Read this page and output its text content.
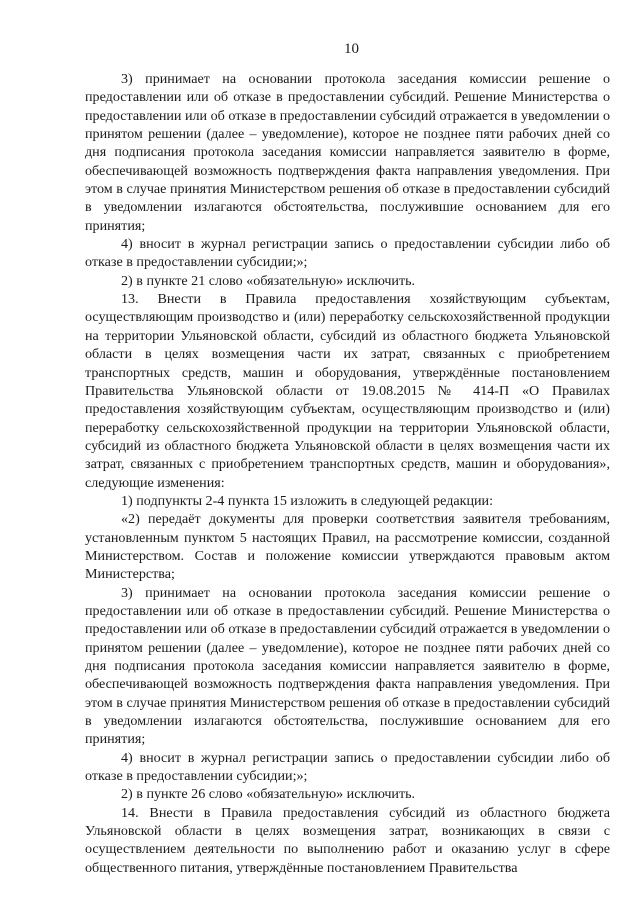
10

3) принимает на основании протокола заседания комиссии решение о предоставлении или об отказе в предоставлении субсидий. Решение Министерства о предоставлении или об отказе в предоставлении субсидий отражается в уведомлении о принятом решении (далее – уведомление), которое не позднее пяти рабочих дней со дня подписания протокола заседания комиссии направляется заявителю в форме, обеспечивающей возможность подтверждения факта направления уведомления. При этом в случае принятия Министерством решения об отказе в предоставлении субсидий в уведомлении излагаются обстоятельства, послужившие основанием для его принятия;

4) вносит в журнал регистрации запись о предоставлении субсидии либо об отказе в предоставлении субсидии;»;

2) в пункте 21 слово «обязательную» исключить.

13. Внести в Правила предоставления хозяйствующим субъектам, осуществляющим производство и (или) переработку сельскохозяйственной продукции на территории Ульяновской области, субсидий из областного бюджета Ульяновской области в целях возмещения части их затрат, связанных с приобретением транспортных средств, машин и оборудования, утверждённые постановлением Правительства Ульяновской области от 19.08.2015 № 414-П «О Правилах предоставления хозяйствующим субъектам, осуществляющим производство и (или) переработку сельскохозяйственной продукции на территории Ульяновской области, субсидий из областного бюджета Ульяновской области в целях возмещения части их затрат, связанных с приобретением транспортных средств, машин и оборудования», следующие изменения:

1) подпункты 2-4 пункта 15 изложить в следующей редакции:

«2) передаёт документы для проверки соответствия заявителя требованиям, установленным пунктом 5 настоящих Правил, на рассмотрение комиссии, созданной Министерством. Состав и положение комиссии утверждаются правовым актом Министерства;

3) принимает на основании протокола заседания комиссии решение о предоставлении или об отказе в предоставлении субсидий. Решение Министерства о предоставлении или об отказе в предоставлении субсидий отражается в уведомлении о принятом решении (далее – уведомление), которое не позднее пяти рабочих дней со дня подписания протокола заседания комиссии направляется заявителю в форме, обеспечивающей возможность подтверждения факта направления уведомления. При этом в случае принятия Министерством решения об отказе в предоставлении субсидий в уведомлении излагаются обстоятельства, послужившие основанием для его принятия;

4) вносит в журнал регистрации запись о предоставлении субсидии либо об отказе в предоставлении субсидии;»;

2) в пункте 26 слово «обязательную» исключить.

14. Внести в Правила предоставления субсидий из областного бюджета Ульяновской области в целях возмещения затрат, возникающих в связи с осуществлением деятельности по выполнению работ и оказанию услуг в сфере общественного питания, утверждённые постановлением Правительства
